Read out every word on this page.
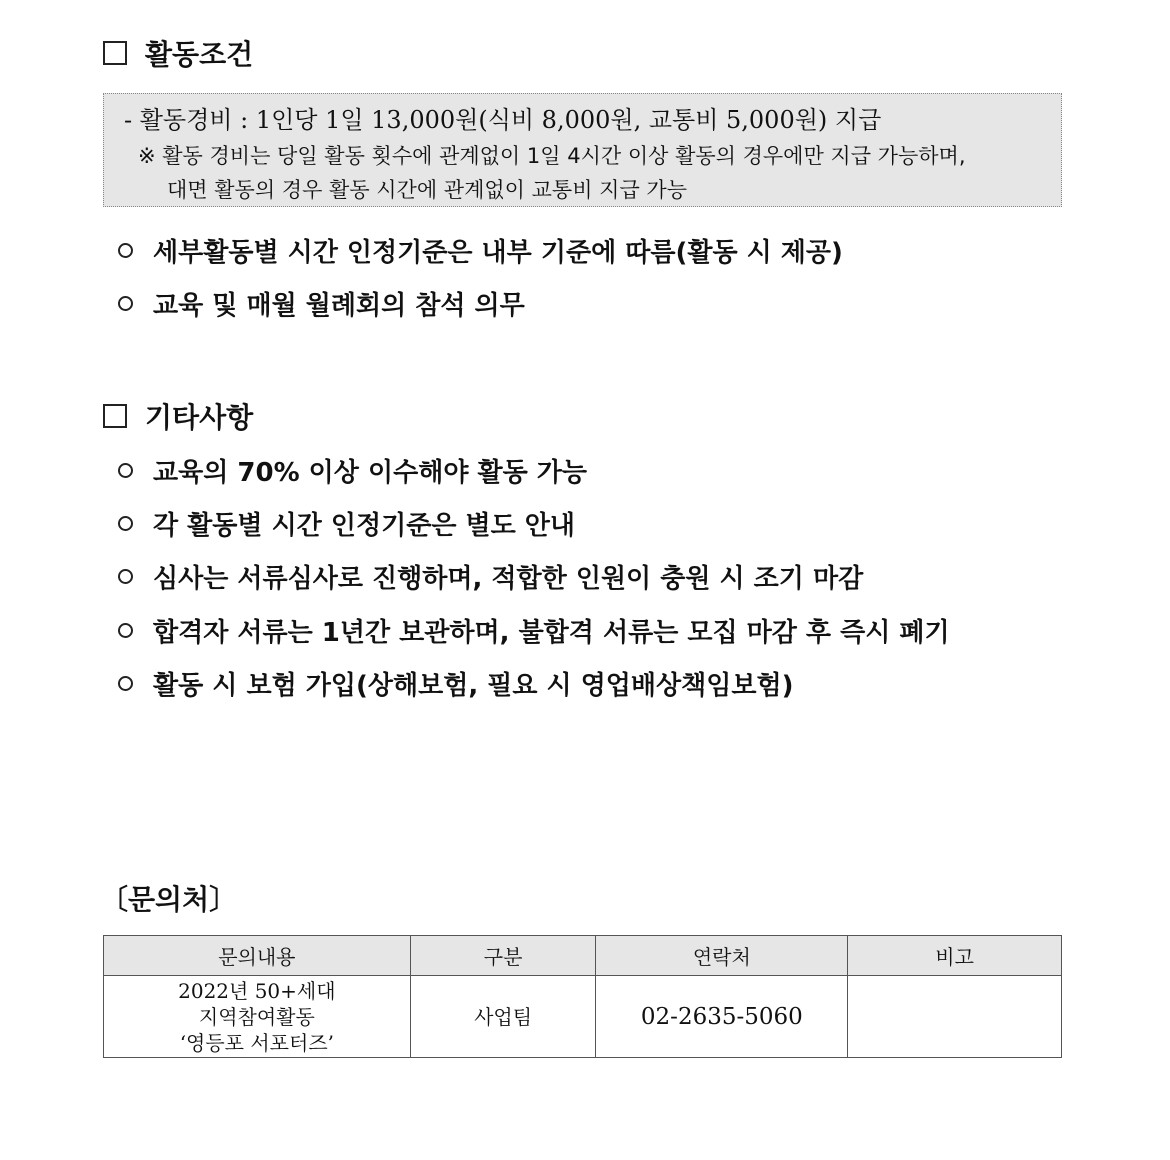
활동조건
- 활동경비 : 1인당 1일 13,000원(식비 8,000원, 교통비 5,000원) 지급
※ 활동 경비는 당일 활동 횟수에 관계없이 1일 4시간 이상 활동의 경우에만 지급 가능하며,
대면 활동의 경우 활동 시간에 관계없이 교통비 지급 가능
세부활동별 시간 인정기준은 내부 기준에 따름(활동 시 제공)
교육 및 매월 월례회의 참석 의무
기타사항
교육의 70% 이상 이수해야 활동 가능
각 활동별 시간 인정기준은 별도 안내
심사는 서류심사로 진행하며, 적합한 인원이 충원 시 조기 마감
합격자 서류는 1년간 보관하며, 불합격 서류는 모집 마감 후 즉시 폐기
활동 시 보험 가입(상해보험, 필요 시 영업배상책임보험)
〔문의처〕
문의내용	구분	연락처	비고

2022년 50+세대
지역참여활동
‘영등포 서포터즈’	사업팀	02-2635-5060	
